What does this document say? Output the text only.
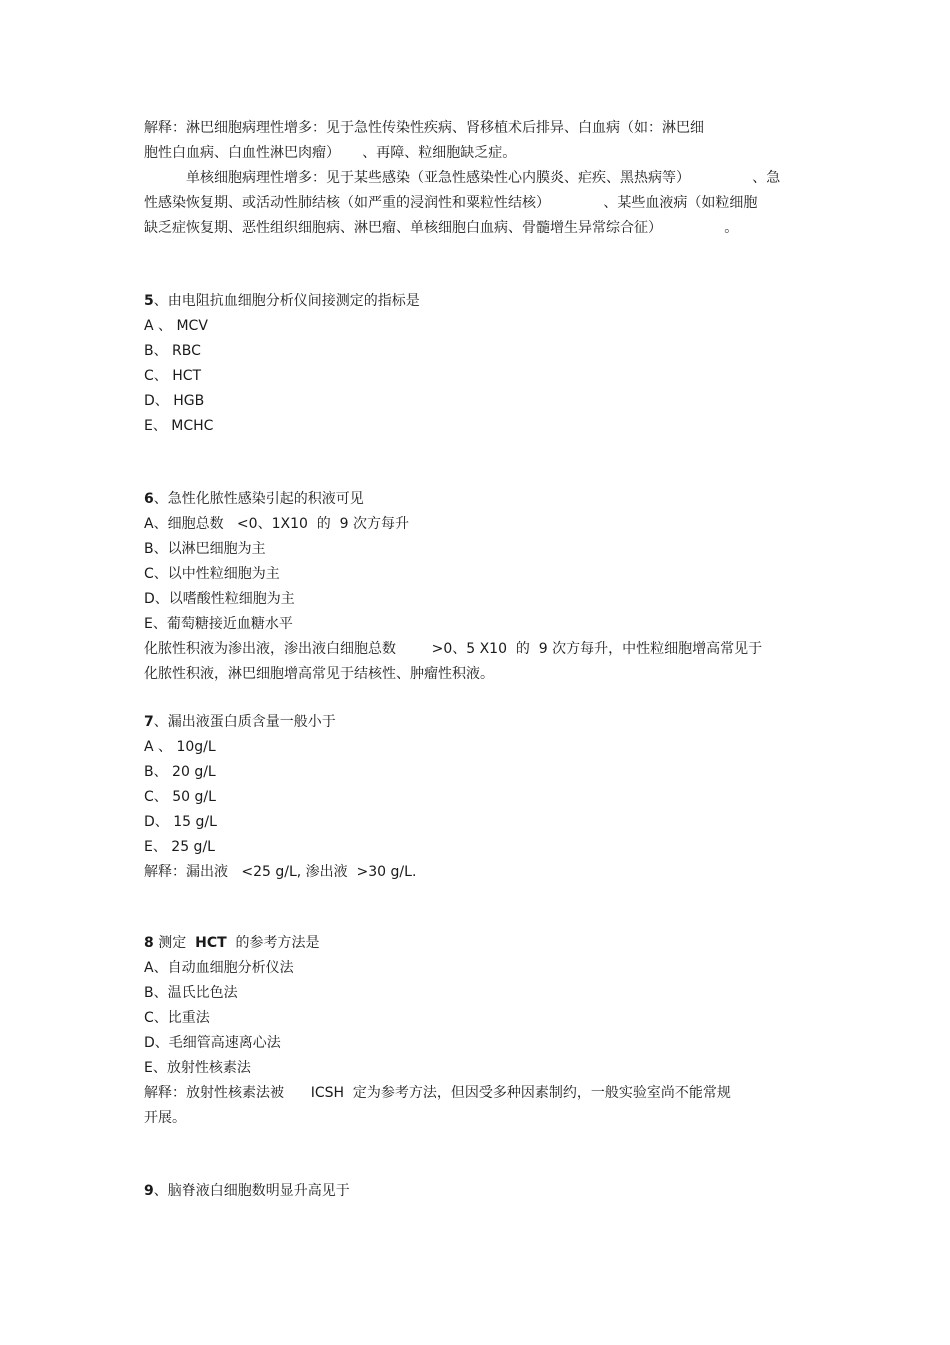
解释：淋巴细胞病理性增多：见于急性传染性疾病、肾移植术后排异、白血病（如：淋巴细
胞性白血病、白血性淋巴肉瘤）     、再障、粒细胞缺乏症。
单核细胞病理性增多：见于某些感染（亚急性感染性心内膜炎、疟疾、黑热病等）              、急
性感染恢复期、或活动性肺结核（如严重的浸润性和粟粒性结核）            、某些血液病（如粒细胞
缺乏症恢复期、恶性组织细胞病、淋巴瘤、单核细胞白血病、骨髓增生异常综合征）              。
5、由电阻抗血细胞分析仪间接测定的指标是
A 、 MCV
B、 RBC
C、 HCT
D、 HGB
E、 MCHC
6、急性化脓性感染引起的积液可见
A、细胞总数   <0、1X10  的  9 次方每升
B、以淋巴细胞为主
C、以中性粒细胞为主
D、以嗜酸性粒细胞为主
E、葡萄糖接近血糖水平
化脓性积液为渗出液，渗出液白细胞总数        >0、5 X10  的  9 次方每升，中性粒细胞增高常见于
化脓性积液，淋巴细胞增高常见于结核性、肿瘤性积液。
7、漏出液蛋白质含量一般小于
A 、 10g/L
B、 20 g/L
C、 50 g/L
D、 15 g/L
E、 25 g/L
解释：漏出液   <25 g/L, 渗出液  >30 g/L.
8 测定  HCT  的参考方法是
A、自动血细胞分析仪法
B、温氏比色法
C、比重法
D、毛细管高速离心法
E、放射性核素法
解释：放射性核素法被      ICSH  定为参考方法，但因受多种因素制约，一般实验室尚不能常规
开展。
9、脑脊液白细胞数明显升高见于
